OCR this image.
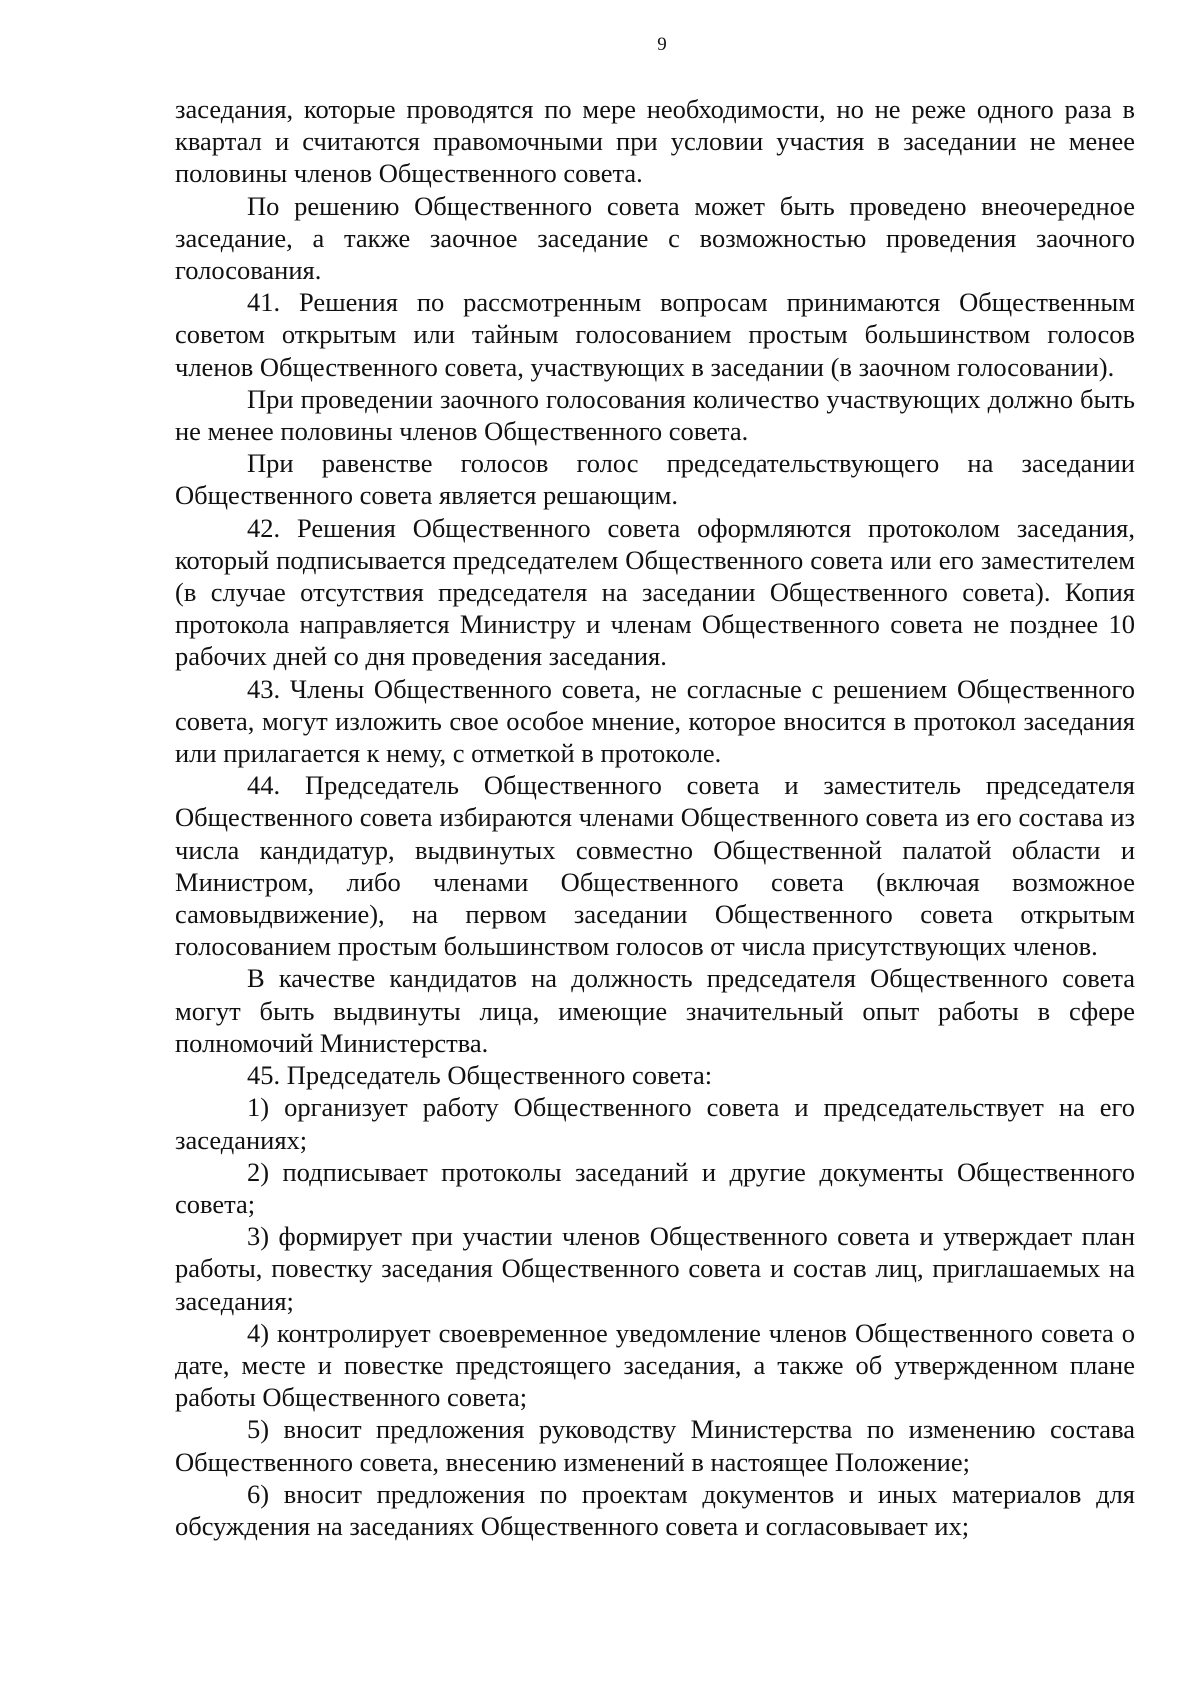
9

заседания, которые проводятся по мере необходимости, но не реже одного раза в квартал и считаются правомочными при условии участия в заседании не менее половины членов Общественного совета.

По решению Общественного совета может быть проведено внеочередное заседание, а также заочное заседание с возможностью проведения заочного голосования.

41. Решения по рассмотренным вопросам принимаются Общественным советом открытым или тайным голосованием простым большинством голосов членов Общественного совета, участвующих в заседании (в заочном голосовании).

При проведении заочного голосования количество участвующих должно быть не менее половины членов Общественного совета.

При равенстве голосов голос председательствующего на заседании Общественного совета является решающим.

42. Решения Общественного совета оформляются протоколом заседания, который подписывается председателем Общественного совета или его заместителем (в случае отсутствия председателя на заседании Общественного совета). Копия протокола направляется Министру и членам Общественного совета не позднее 10 рабочих дней со дня проведения заседания.

43. Члены Общественного совета, не согласные с решением Общественного совета, могут изложить свое особое мнение, которое вносится в протокол заседания или прилагается к нему, с отметкой в протоколе.

44. Председатель Общественного совета и заместитель председателя Общественного совета избираются членами Общественного совета из его состава из числа кандидатур, выдвинутых совместно Общественной палатой области и Министром, либо членами Общественного совета (включая возможное самовыдвижение), на первом заседании Общественного совета открытым голосованием простым большинством голосов от числа присутствующих членов.

В качестве кандидатов на должность председателя Общественного совета могут быть выдвинуты лица, имеющие значительный опыт работы в сфере полномочий Министерства.

45. Председатель Общественного совета:

1) организует работу Общественного совета и председательствует на его заседаниях;

2) подписывает протоколы заседаний и другие документы Общественного совета;

3) формирует при участии членов Общественного совета и утверждает план работы, повестку заседания Общественного совета и состав лиц, приглашаемых на заседания;

4) контролирует своевременное уведомление членов Общественного совета о дате, месте и повестке предстоящего заседания, а также об утвержденном плане работы Общественного совета;

5) вносит предложения руководству Министерства по изменению состава Общественного совета, внесению изменений в настоящее Положение;

6) вносит предложения по проектам документов и иных материалов для обсуждения на заседаниях Общественного совета и согласовывает их;
